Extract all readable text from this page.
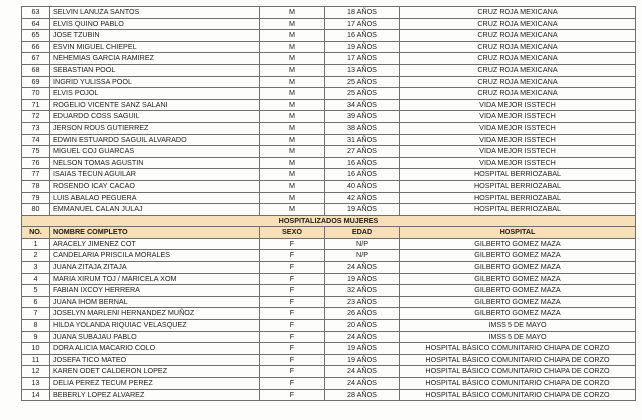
63	SELVIN LANUZA SANTOS	M	18 AÑOS	CRUZ ROJA MEXICANA
64	ELVIS QUINO PABLO	M	17 AÑOS	CRUZ ROJA MEXICANA
65	JOSE TZUBIN	M	16 AÑOS	CRUZ ROJA MEXICANA
66	ESVIN MIGUEL CHIEPEL	M	19 AÑOS	CRUZ ROJA MEXICANA
67	NEHEMIAS GARCIA RAMIREZ	M	17 AÑOS	CRUZ ROJA MEXICANA
68	SEBASTIAN POOL	M	13 AÑOS	CRUZ ROJA MEXICANA
69	INGRID YULISSA POOL	M	25 AÑOS	CRUZ ROJA MEXICANA
70	ELVIS POJOL	M	25 AÑOS	CRUZ ROJA MEXICANA
71	ROGELIO VICENTE SANZ SALANI	M	34 AÑOS	VIDA MEJOR ISSTECH
72	EDUARDO COSS SAGUIL	M	39 AÑOS	VIDA MEJOR ISSTECH
73	JERSON ROUS GUTIERREZ	M	38 AÑOS	VIDA MEJOR ISSTECH
74	EDWIN ESTUARDO SAGUIL ALVARADO	M	31 AÑOS	VIDA MEJOR ISSTECH
75	MIGUEL COJ GUARCAS	M	27 AÑOS	VIDA MEJOR ISSTECH
76	NELSON TOMAS AGUSTIN	M	16 AÑOS	VIDA MEJOR ISSTECH
77	ISAIAS TECUN AGUILAR	M	16 AÑOS	HOSPITAL BERRIOZABAL
78	ROSENDO ICAY CACAO	M	40 AÑOS	HOSPITAL BERRIOZABAL
79	LUIS ABALAO PEGUERA	M	42 AÑOS	HOSPITAL BERRIOZABAL
80	EMMANUEL CALAN JULAJ	M	19 AÑOS	HOSPITAL BERRIOZABAL
HOSPITALIZADOS MUJERES				
NO.	NOMBRE COMPLETO	SEXO	EDAD	HOSPITAL
1	ARACELY JIMENEZ COT	F	N/P	GILBERTO GOMEZ MAZA
2	CANDELARIA PRISCILA MORALES	F	N/P	GILBERTO GOMEZ MAZA
3	JUANA ZITAJA ZITAJA	F	24 AÑOS	GILBERTO GOMEZ MAZA
4	MARIA XIRUM TOJ / MARICELA XOM	F	19 AÑOS	GILBERTO GOMEZ MAZA
5	FABIAN IXCOY HERRERA	F	32 AÑOS	GILBERTO GOMEZ MAZA
6	JUANA IHOM BERNAL	F	23 AÑOS	GILBERTO GOMEZ MAZA
7	JOSELYN MARLENI HERNANDEZ MUÑOZ	F	26 AÑOS	GILBERTO GOMEZ MAZA
8	HILDA YOLANDA RIQUIAC VELASQUEZ	F	20 AÑOS	IMSS 5 DE MAYO
9	JUANA SUBAJAU PABLO	F	24 AÑOS	IMSS 5 DE MAYO
10	DORA ALICIA MACARIO COLO	F	19 AÑOS	HOSPITAL BÁSICO COMUNITARIO CHIAPA DE CORZO
11	JOSEFA TICO MATEO	F	19 AÑOS	HOSPITAL BÁSICO COMUNITARIO CHIAPA DE CORZO
12	KAREN ODET CALDERON LOPEZ	F	24 AÑOS	HOSPITAL BÁSICO COMUNITARIO CHIAPA DE CORZO
13	DELIA PEREZ TECUM PEREZ	F	24 AÑOS	HOSPITAL BÁSICO COMUNITARIO CHIAPA DE CORZO
14	BEBERLY LOPEZ ALVAREZ	F	28 AÑOS	HOSPITAL BÁSICO COMUNITARIO CHIAPA DE CORZO
